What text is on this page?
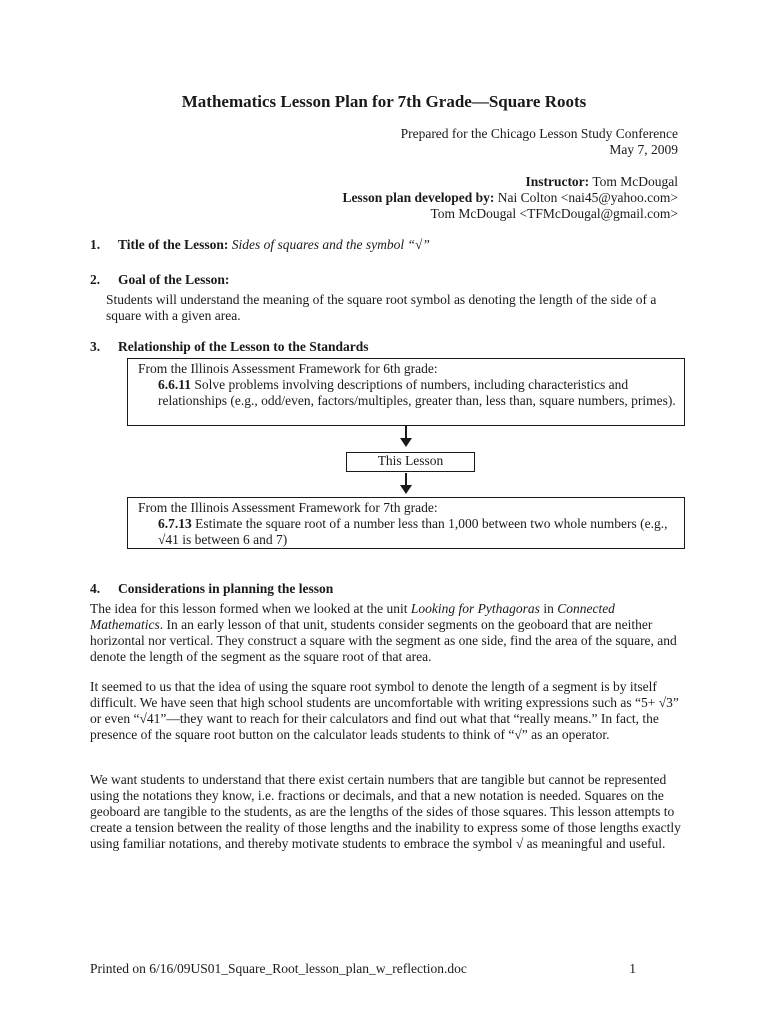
Mathematics Lesson Plan for 7th Grade—Square Roots
Prepared for the Chicago Lesson Study Conference
May 7, 2009
Instructor: Tom McDougal
Lesson plan developed by: Nai Colton <nai45@yahoo.com>
Tom McDougal <TFMcDougal@gmail.com>
1. Title of the Lesson: Sides of squares and the symbol “√”
2. Goal of the Lesson:
Students will understand the meaning of the square root symbol as denoting the length of the side of a square with a given area.
3. Relationship of the Lesson to the Standards
From the Illinois Assessment Framework for 6th grade:
6.6.11 Solve problems involving descriptions of numbers, including characteristics and relationships (e.g., odd/even, factors/multiples, greater than, less than, square numbers, primes).
This Lesson
From the Illinois Assessment Framework for 7th grade:
6.7.13 Estimate the square root of a number less than 1,000 between two whole numbers (e.g., √41 is between 6 and 7)
4. Considerations in planning the lesson
The idea for this lesson formed when we looked at the unit Looking for Pythagoras in Connected Mathematics. In an early lesson of that unit, students consider segments on the geoboard that are neither horizontal nor vertical. They construct a square with the segment as one side, find the area of the square, and denote the length of the segment as the square root of that area.
It seemed to us that the idea of using the square root symbol to denote the length of a segment is by itself difficult. We have seen that high school students are uncomfortable with writing expressions such as “5+ √3” or even “√41”—they want to reach for their calculators and find out what that “really means.” In fact, the presence of the square root button on the calculator leads students to think of “√” as an operator.
We want students to understand that there exist certain numbers that are tangible but cannot be represented using the notations they know, i.e. fractions or decimals, and that a new notation is needed. Squares on the geoboard are tangible to the students, as are the lengths of the sides of those squares. This lesson attempts to create a tension between the reality of those lengths and the inability to express some of those lengths exactly using familiar notations, and thereby motivate students to embrace the symbol √ as meaningful and useful.
Printed on 6/16/09US01_Square_Root_lesson_plan_w_reflection.doc	1
